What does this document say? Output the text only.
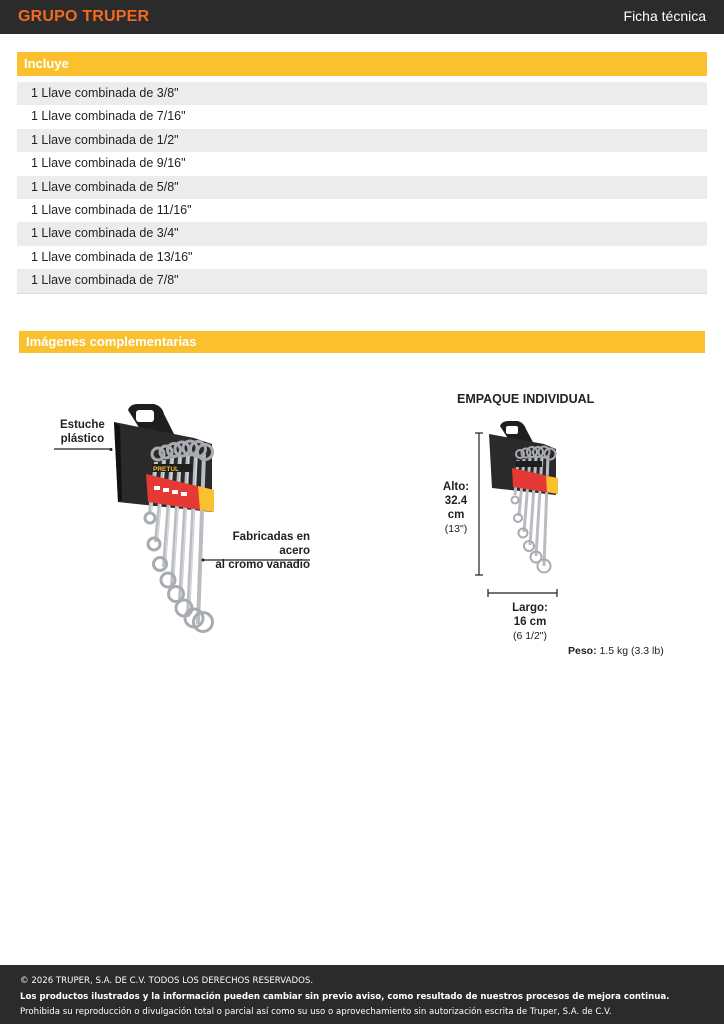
GRUPO TRUPER	Ficha técnica
Incluye
1 Llave combinada de 3/8"
1 Llave combinada de 7/16"
1 Llave combinada de 1/2"
1 Llave combinada de 9/16"
1 Llave combinada de 5/8"
1 Llave combinada de 11/16"
1 Llave combinada de 3/4"
1 Llave combinada de 13/16"
1 Llave combinada de 7/8"
Imágenes complementarias
Estuche
plástico
PRETUL
Fabricadas en acero
al cromo vanadio
EMPAQUE INDIVIDUAL
Alto:
32.4 cm
(13")
Largo:
16 cm
(6 1/2")
Peso: 1.5 kg (3.3 lb)
© 2026 TRUPER, S.A. DE C.V. TODOS LOS DERECHOS RESERVADOS.
Los productos ilustrados y la información pueden cambiar sin previo aviso, como resultado de nuestros procesos de mejora continua.
Prohibida su reproducción o divulgación total o parcial así como su uso o aprovechamiento sin autorización escrita de Truper, S.A. de C.V.
